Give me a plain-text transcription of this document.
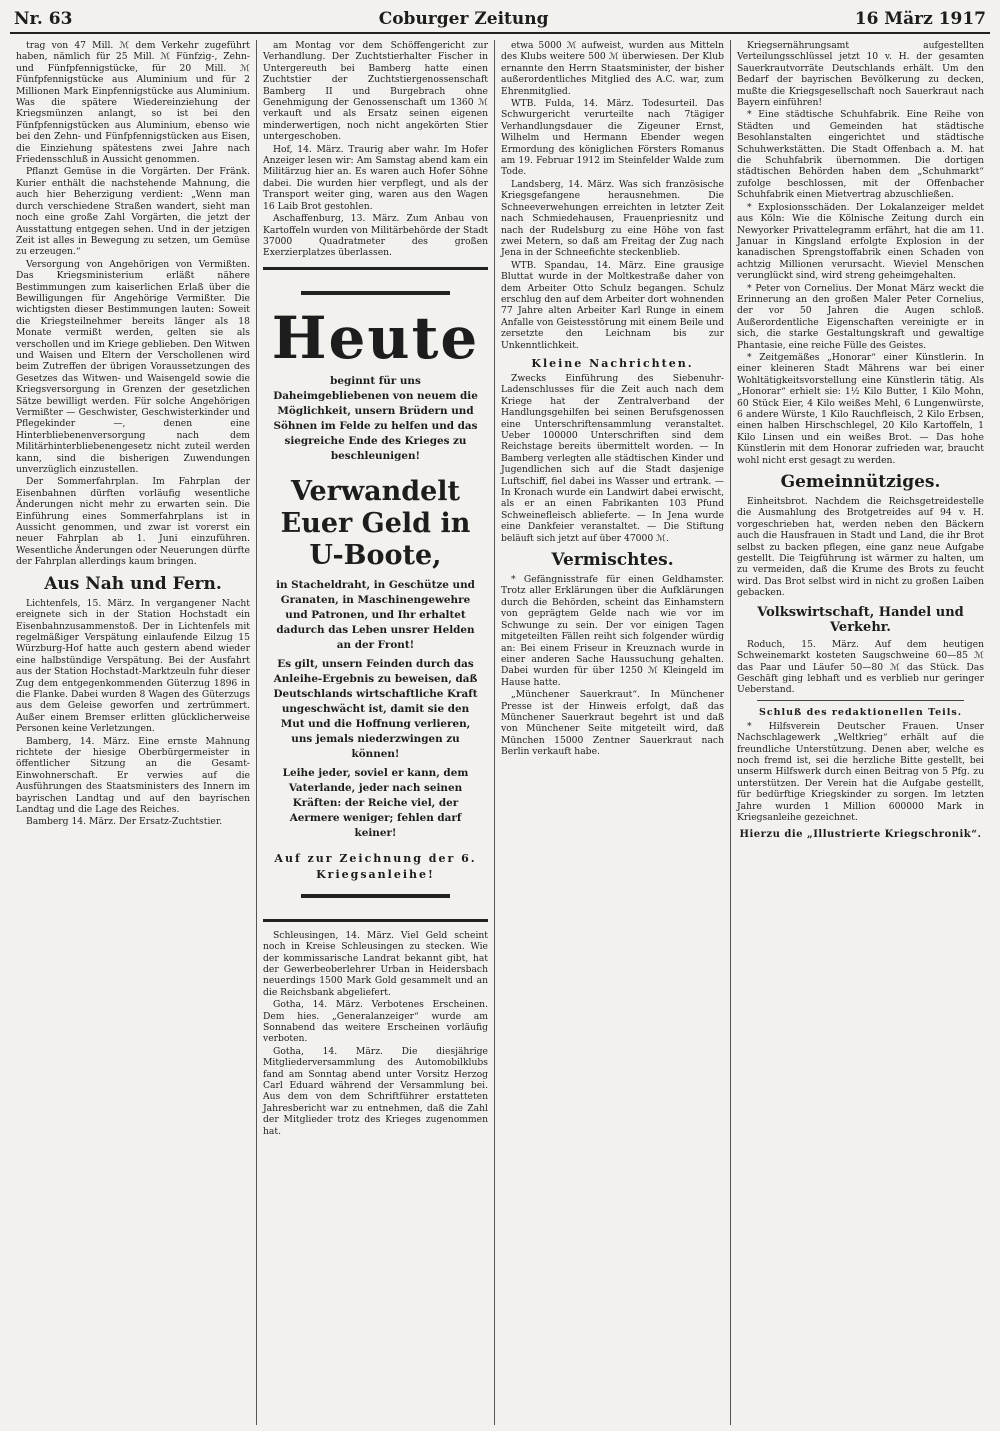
Nr. 63	Coburger Zeitung	16 März 1917

trag von 47 Mill. ℳ dem Verkehr zugeführt haben, nämlich für 25 Mill. ℳ Fünfzig-, Zehn- und Fünfpfennigstücke, für 20 Mill. ℳ Fünfpfennigstücke aus Aluminium und für 2 Millionen Mark Einpfennigstücke aus Aluminium. Was die spätere Wiedereinziehung der Kriegsmünzen anlangt, so ist bei den Fünfpfennigstücken aus Aluminium, ebenso wie bei den Zehn- und Fünfpfennigstücken aus Eisen, die Einziehung spätestens zwei Jahre nach Friedensschluß in Aussicht genommen.

Pflanzt Gemüse in die Vorgärten. Der Fränk. Kurier enthält die nachstehende Mahnung, die auch hier Beherzigung verdient: „Wenn man durch verschiedene Straßen wandert, sieht man noch eine große Zahl Vorgärten, die jetzt der Ausstattung entgegen sehen. Und in der jetzigen Zeit ist alles in Bewegung zu setzen, um Gemüse zu erzeugen.“

Versorgung von Angehörigen von Vermißten. Das Kriegsministerium erläßt nähere Bestimmungen zum kaiserlichen Erlaß über die Bewilligungen für Angehörige Vermißter. Die wichtigsten dieser Bestimmungen lauten: Soweit die Kriegsteilnehmer bereits länger als 18 Monate vermißt werden, gelten sie als verschollen und im Kriege geblieben. Den Witwen und Waisen und Eltern der Verschollenen wird beim Zutreffen der übrigen Voraussetzungen des Gesetzes das Witwen- und Waisengeld sowie die Kriegsversorgung in Grenzen der gesetzlichen Sätze bewilligt werden. Für solche Angehörigen Vermißter — Geschwister, Geschwisterkinder und Pflegekinder —, denen eine Hinterbliebenenversorgung nach dem Militärhinterbliebenengesetz nicht zuteil werden kann, sind die bisherigen Zuwendungen unverzüglich einzustellen.

Der Sommerfahrplan. Im Fahrplan der Eisenbahnen dürften vorläufig wesentliche Änderungen nicht mehr zu erwarten sein. Die Einführung eines Sommerfahrplans ist in Aussicht genommen, und zwar ist vorerst ein neuer Fahrplan ab 1. Juni einzuführen. Wesentliche Änderungen oder Neuerungen dürfte der Fahrplan allerdings kaum bringen.

Aus Nah und Fern.

Lichtenfels, 15. März. In vergangener Nacht ereignete sich in der Station Hochstadt ein Eisenbahnzusammenstoß. Der in Lichtenfels mit regelmäßiger Verspätung einlaufende Eilzug 15 Würzburg-Hof hatte auch gestern abend wieder eine halbstündige Verspätung. Bei der Ausfahrt aus der Station Hochstadt-Marktzeuln fuhr dieser Zug dem entgegenkommenden Güterzug 1896 in die Flanke. Dabei wurden 8 Wagen des Güterzugs aus dem Geleise geworfen und zertrümmert. Außer einem Bremser erlitten glücklicherweise Personen keine Verletzungen.

Bamberg, 14. März. Eine ernste Mahnung richtete der hiesige Oberbürgermeister in öffentlicher Sitzung an die Gesamt-Einwohnerschaft. Er verwies auf die Ausführungen des Staatsministers des Innern im bayrischen Landtag und auf den bayrischen Landtag und die Lage des Reiches.

Bamberg 14. März. Der Ersatz-Zuchtstier.

am Montag vor dem Schöffengericht zur Verhandlung. Der Zuchtstierhalter Fischer in Untergereuth bei Bamberg hatte einen Zuchtstier der Zuchtstiergenossenschaft Bamberg II und Burgebrach ohne Genehmigung der Genossenschaft um 1360 ℳ verkauft und als Ersatz seinen eigenen minderwertigen, noch nicht angekörten Stier untergeschoben.

Hof, 14. März. Traurig aber wahr. Im Hofer Anzeiger lesen wir: Am Samstag abend kam ein Militärzug hier an. Es waren auch Hofer Söhne dabei. Die wurden hier verpflegt, und als der Transport weiter ging, waren aus den Wagen 16 Laib Brot gestohlen.

Aschaffenburg, 13. März. Zum Anbau von Kartoffeln wurden von Militärbehörde der Stadt 37000 Quadratmeter des großen Exerzierplatzes überlassen.

Heute
beginnt für uns Daheimgebliebenen von neuem die Möglichkeit, unsern Brüdern und Söhnen im Felde zu helfen und das siegreiche Ende des Krieges zu beschleunigen!
Verwandelt Euer Geld in U-Boote,
in Stacheldraht, in Geschütze und Granaten, in Maschinengewehre und Patronen, und Ihr erhaltet dadurch das Leben unsrer Helden an der Front!
Es gilt, unsern Feinden durch das Anleihe-Ergebnis zu beweisen, daß Deutschlands wirtschaftliche Kraft ungeschwächt ist, damit sie den Mut und die Hoffnung verlieren, uns jemals niederzwingen zu können!
Leihe jeder, soviel er kann, dem Vaterlande, jeder nach seinen Kräften: der Reiche viel, der Aermere weniger; fehlen darf keiner!
Auf zur Zeichnung der 6. Kriegsanleihe!

Schleusingen, 14. März. Viel Geld scheint noch in Kreise Schleusingen zu stecken. Wie der kommissarische Landrat bekannt gibt, hat der Gewerbeoberlehrer Urban in Heidersbach neuerdings 1500 Mark Gold gesammelt und an die Reichsbank abgeliefert.

Gotha, 14. März. Verbotenes Erscheinen. Dem hies. „Generalanzeiger“ wurde am Sonnabend das weitere Erscheinen vorläufig verboten.

Gotha, 14. März. Die diesjährige Mitgliederversammlung des Automobilklubs fand am Sonntag abend unter Vorsitz Herzog Carl Eduard während der Versammlung bei. Aus dem von dem Schriftführer erstatteten Jahresbericht war zu entnehmen, daß die Zahl der Mitglieder trotz des Krieges zugenommen hat.

etwa 5000 ℳ aufweist, wurden aus Mitteln des Klubs weitere 500 ℳ überwiesen. Der Klub ernannte den Herrn Staatsminister, der bisher außerordentliches Mitglied des A.C. war, zum Ehrenmitglied.

WTB. Fulda, 14. März. Todesurteil. Das Schwurgericht verurteilte nach 7tägiger Verhandlungsdauer die Zigeuner Ernst, Wilhelm und Hermann Ebender wegen Ermordung des königlichen Försters Romanus am 19. Februar 1912 im Steinfelder Walde zum Tode.

Landsberg, 14. März. Was sich französische Kriegsgefangene herausnehmen. Die Schneeverwehungen erreichten in letzter Zeit nach Schmiedehausen, Frauenpriesnitz und nach der Rudelsburg zu eine Höhe von fast zwei Metern, so daß am Freitag der Zug nach Jena in der Schneefichte steckenblieb.

WTB. Spandau, 14. März. Eine grausige Bluttat wurde in der Moltkestraße daher von dem Arbeiter Otto Schulz begangen. Schulz erschlug den auf dem Arbeiter dort wohnenden 77 Jahre alten Arbeiter Karl Runge in einem Anfalle von Geistesstörung mit einem Beile und zersetzte den Leichnam bis zur Unkenntlichkeit.

Kleine Nachrichten.

Zwecks Einführung des Siebenuhr-Ladenschlusses für die Zeit auch nach dem Kriege hat der Zentralverband der Handlungsgehilfen bei seinen Berufsgenossen eine Unterschriftensammlung veranstaltet. Ueber 100000 Unterschriften sind dem Reichstage bereits übermittelt worden. — In Bamberg verlegten alle städtischen Kinder und Jugendlichen sich auf die Stadt dasjenige Luftschiff, fiel dabei ins Wasser und ertrank. — In Kronach wurde ein Landwirt dabei erwischt, als er an einen Fabrikanten 103 Pfund Schweinefleisch ablieferte. — In Jena wurde eine Dankfeier veranstaltet. — Die Stiftung beläuft sich jetzt auf über 47000 ℳ.

Vermischtes.

* Gefängnisstrafe für einen Geldhamster. Trotz aller Erklärungen über die Aufklärungen durch die Behörden, scheint das Einhamstern von geprägtem Gelde nach wie vor im Schwunge zu sein. Der vor einigen Tagen mitgeteilten Fällen reiht sich folgender würdig an: Bei einem Friseur in Kreuznach wurde in einer anderen Sache Haussuchung gehalten. Dabei wurden für über 1250 ℳ Kleingeld im Hause hatte.

„Münchener Sauerkraut“. In Münchener Presse ist der Hinweis erfolgt, daß das Münchener Sauerkraut begehrt ist und daß von Münchener Seite mitgeteilt wird, daß München 15000 Zentner Sauerkraut nach Berlin verkauft habe.

Kriegsernährungsamt aufgestellten Verteilungsschlüssel jetzt 10 v. H. der gesamten Sauerkrautvorräte Deutschlands erhält. Um den Bedarf der bayrischen Bevölkerung zu decken, mußte die Kriegsgesellschaft noch Sauerkraut nach Bayern einführen!

* Eine städtische Schuhfabrik. Eine Reihe von Städten und Gemeinden hat städtische Besohlanstalten eingerichtet und städtische Schuhwerkstätten. Die Stadt Offenbach a. M. hat die Schuhfabrik übernommen. Die dortigen städtischen Behörden haben dem „Schuhmarkt“ zufolge beschlossen, mit der Offenbacher Schuhfabrik einen Mietvertrag abzuschließen.

* Explosionsschäden. Der Lokalanzeiger meldet aus Köln: Wie die Kölnische Zeitung durch ein Newyorker Privattelegramm erfährt, hat die am 11. Januar in Kingsland erfolgte Explosion in der kanadischen Sprengstoffabrik einen Schaden von achtzig Millionen verursacht. Wieviel Menschen verunglückt sind, wird streng geheimgehalten.

* Peter von Cornelius. Der Monat März weckt die Erinnerung an den großen Maler Peter Cornelius, der vor 50 Jahren die Augen schloß. Außerordentliche Eigenschaften vereinigte er in sich, die starke Gestaltungskraft und gewaltige Phantasie, eine reiche Fülle des Geistes.

* Zeitgemäßes „Honorar“ einer Künstlerin. In einer kleineren Stadt Mährens war bei einer Wohltätigkeitsvorstellung eine Künstlerin tätig. Als „Honorar“ erhielt sie: 1½ Kilo Butter, 1 Kilo Mohn, 60 Stück Eier, 4 Kilo weißes Mehl, 6 Lungenwürste, 6 andere Würste, 1 Kilo Rauchfleisch, 2 Kilo Erbsen, einen halben Hirschschlegel, 20 Kilo Kartoffeln, 1 Kilo Linsen und ein weißes Brot. — Das hohe Künstlerin mit dem Honorar zufrieden war, braucht wohl nicht erst gesagt zu werden.

Gemeinnütziges.

Einheitsbrot. Nachdem die Reichsgetreidestelle die Ausmahlung des Brotgetreides auf 94 v. H. vorgeschrieben hat, werden neben den Bäckern auch die Hausfrauen in Stadt und Land, die ihr Brot selbst zu backen pflegen, eine ganz neue Aufgabe gestellt. Die Teigführung ist wärmer zu halten, um zu vermeiden, daß die Krume des Brots zu feucht wird. Das Brot selbst wird in nicht zu großen Laiben gebacken.

Volkswirtschaft, Handel und Verkehr.

Roduch, 15. März. Auf dem heutigen Schweinemarkt kosteten Saugschweine 60—85 ℳ das Paar und Läufer 50—80 ℳ das Stück. Das Geschäft ging lebhaft und es verblieb nur geringer Ueberstand.

Schluß des redaktionellen Teils.

* Hilfsverein Deutscher Frauen. Unser Nachschlagewerk „Weltkrieg“ erhält auf die freundliche Unterstützung. Denen aber, welche es noch fremd ist, sei die herzliche Bitte gestellt, bei unserm Hilfswerk durch einen Beitrag von 5 Pfg. zu unterstützen. Der Verein hat die Aufgabe gestellt, für bedürftige Kriegskinder zu sorgen. Im letzten Jahre wurden 1 Million 600000 Mark in Kriegsanleihe gezeichnet.

Hierzu die „Illustrierte Kriegschronik“.
